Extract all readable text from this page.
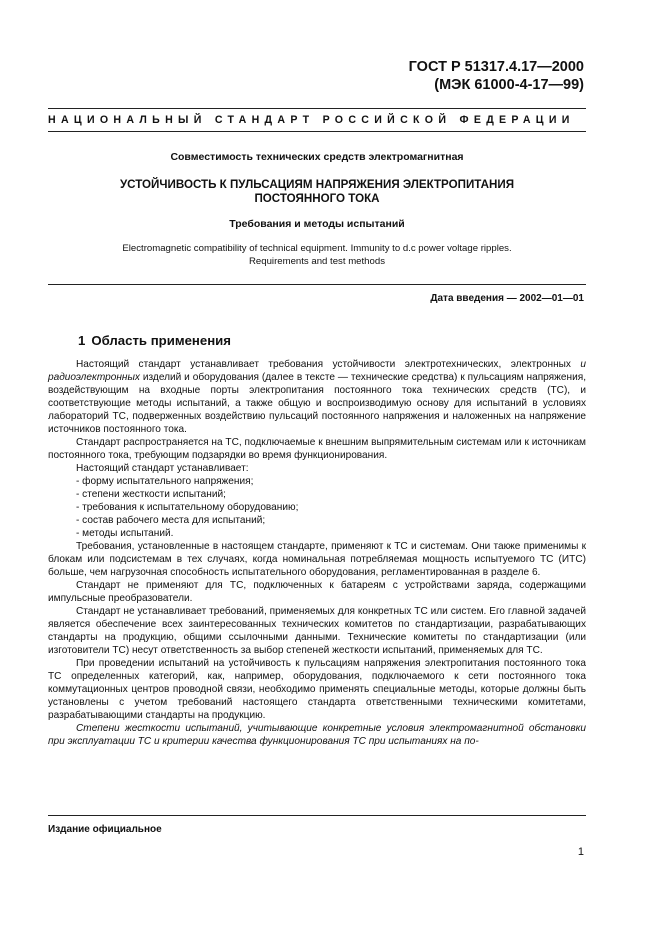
ГОСТ Р 51317.4.17—2000
(МЭК 61000-4-17—99)
НАЦИОНАЛЬНЫЙ СТАНДАРТ РОССИЙСКОЙ ФЕДЕРАЦИИ
Совместимость технических средств электромагнитная
УСТОЙЧИВОСТЬ К ПУЛЬСАЦИЯМ НАПРЯЖЕНИЯ ЭЛЕКТРОПИТАНИЯ
ПОСТОЯННОГО ТОКА
Требования и методы испытаний
Electromagnetic compatibility of technical equipment. Immunity to d.c power voltage ripples.
Requirements and test methods
Дата введения — 2002—01—01
1 Область применения

Настоящий стандарт устанавливает требования устойчивости электротехнических, электронных и радиоэлектронных изделий и оборудования (далее в тексте — технические средства) к пульсациям напряжения, воздействующим на входные порты электропитания постоянного тока технических средств (ТС), и соответствующие методы испытаний, а также общую и воспроизводимую основу для испытаний в условиях лабораторий ТС, подверженных воздействию пульсаций постоянного напряжения и наложенных на напряжение источников постоянного тока.

Стандарт распространяется на ТС, подключаемые к внешним выпрямительным системам или к источникам постоянного тока, требующим подзарядки во время функционирования.

Настоящий стандарт устанавливает:

- форму испытательного напряжения;
- степени жесткости испытаний;
- требования к испытательному оборудованию;
- состав рабочего места для испытаний;
- методы испытаний.

Требования, установленные в настоящем стандарте, применяют к ТС и системам. Они также применимы к блокам или подсистемам в тех случаях, когда номинальная потребляемая мощность испытуемого ТС (ИТС) больше, чем нагрузочная способность испытательного оборудования, регламентированная в разделе 6.

Стандарт не применяют для ТС, подключенных к батареям с устройствами заряда, содержащими импульсные преобразователи.

Стандарт не устанавливает требований, применяемых для конкретных ТС или систем. Его главной задачей является обеспечение всех заинтересованных технических комитетов по стандартизации, разрабатывающих стандарты на продукцию, общими ссылочными данными. Технические комитеты по стандартизации (или изготовители ТС) несут ответственность за выбор степеней жесткости испытаний, применяемых для ТС.

При проведении испытаний на устойчивость к пульсациям напряжения электропитания постоянного тока ТС определенных категорий, как, например, оборудования, подключаемого к сети постоянного тока коммутационных центров проводной связи, необходимо применять специальные методы, которые должны быть установлены с учетом требований настоящего стандарта ответственными техническими комитетами, разрабатывающими стандарты на продукцию.

Степени жесткости испытаний, учитывающие конкретные условия электромагнитной обстановки при эксплуатации ТС и критерии качества функционирования ТС при испытаниях на по-

Издание официальное
1
